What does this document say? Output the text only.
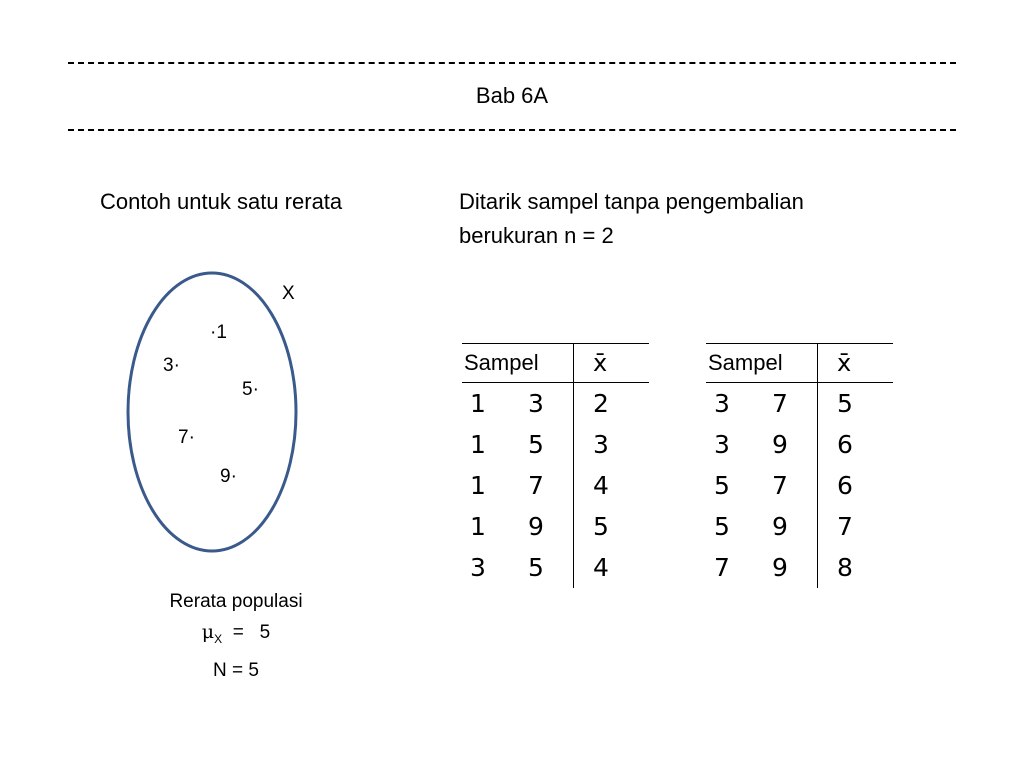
Bab 6A
Contoh untuk satu rerata	Ditarik sampel tanpa pengembalian
berukuran n = 2
X
·1
3·
5·
7·
9·
Rerata populasi
$\mu_X = 5$
N = 5
Sampel		x̄
1	3	2
1	5	3
1	7	4
1	9	5
3	5	4
Sampel		x̄
3	7	5
3	9	6
5	7	6
5	9	7
7	9	8
